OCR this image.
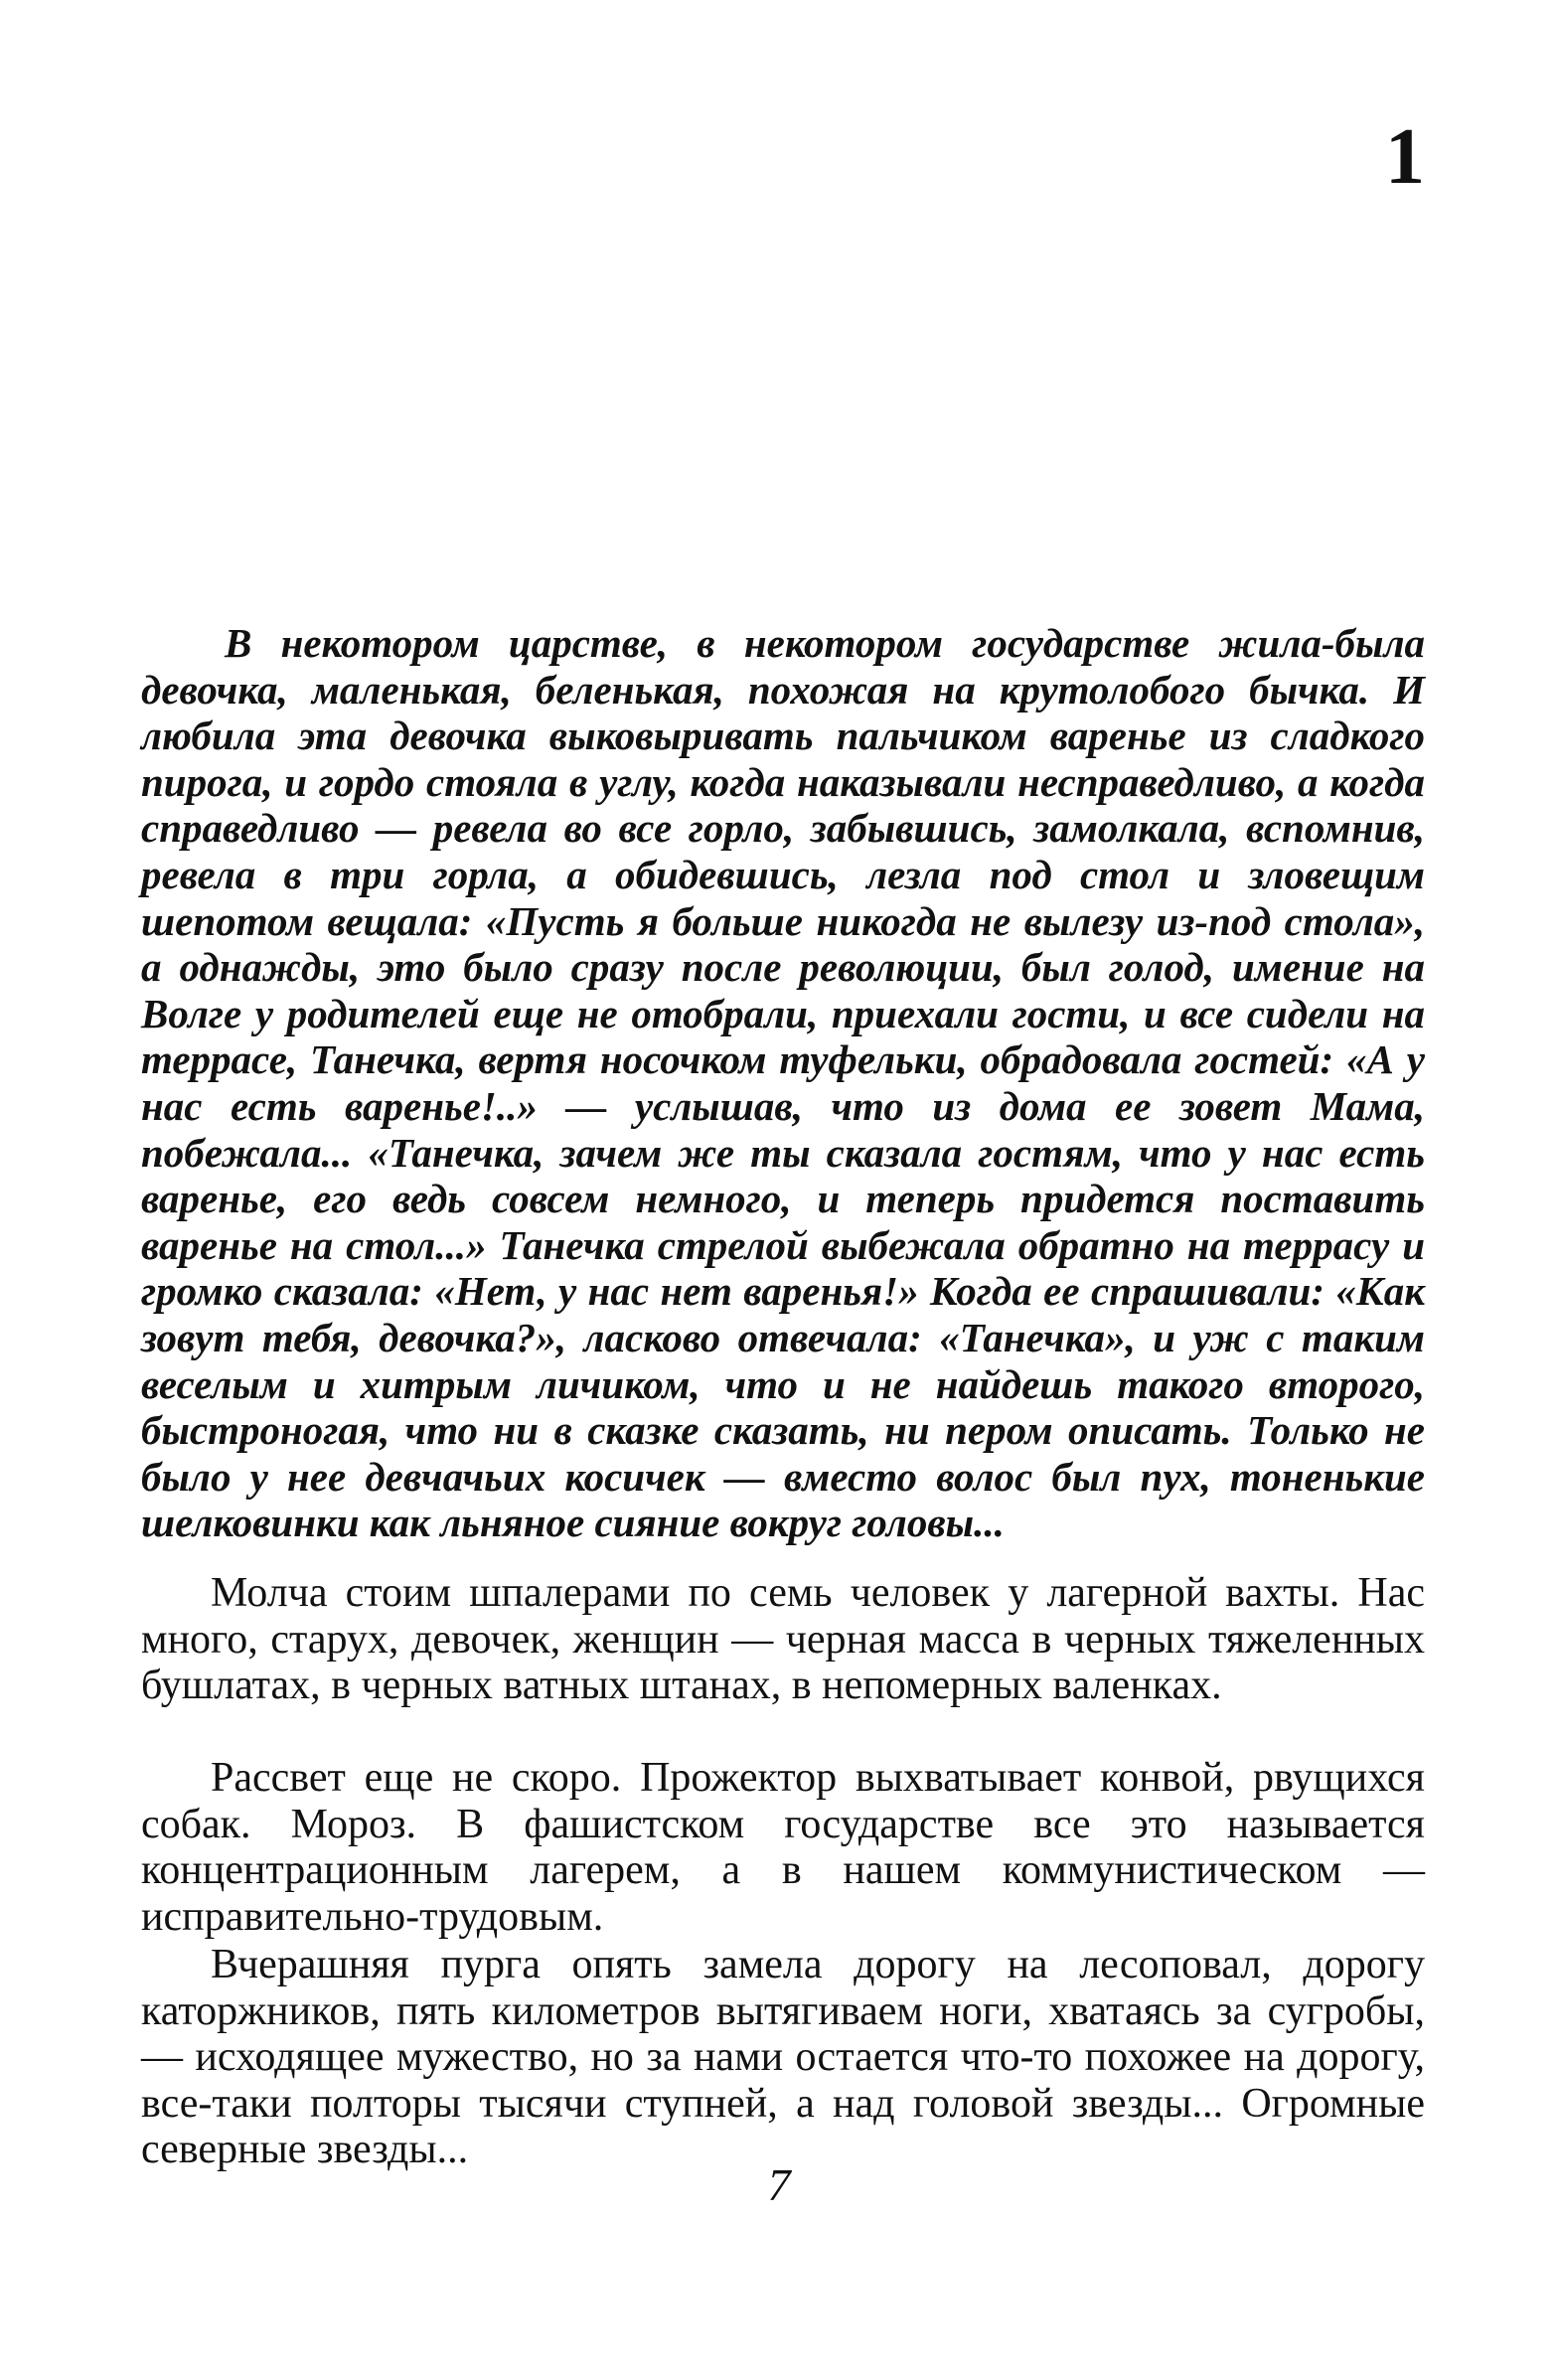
1

В некотором царстве, в некотором государстве жила-была девочка, маленькая, беленькая, похожая на крутолобого бычка. И любила эта девочка выковыривать пальчиком варенье из сладкого пирога, и гордо стояла в углу, когда наказывали несправедливо, а когда справедливо — ревела во все горло, забывшись, замолкала, вспомнив, ревела в три горла, а обидевшись, лезла под стол и зловещим шепотом вещала: «Пусть я больше никогда не вылезу из-под стола», а однажды, это было сразу после революции, был голод, имение на Волге у родителей еще не отобрали, приехали гости, и все сидели на террасе, Танечка, вертя носочком туфельки, обрадовала гостей: «А у нас есть варенье!..» — услышав, что из дома ее зовет Мама, побежала... «Танечка, зачем же ты сказала гостям, что у нас есть варенье, его ведь совсем немного, и теперь придется поставить варенье на стол...» Танечка стрелой выбежала обратно на террасу и громко сказала: «Нет, у нас нет варенья!» Когда ее спрашивали: «Как зовут тебя, девочка?», ласково отвечала: «Танечка», и уж с таким веселым и хитрым личиком, что и не найдешь такого второго, быстроногая, что ни в сказке сказать, ни пером описать. Только не было у нее девчачьих косичек — вместо волос был пух, тоненькие шелковинки как льняное сияние вокруг головы...

Молча стоим шпалерами по семь человек у лагерной вахты. Нас много, старух, девочек, женщин — черная масса в черных тяжеленных бушлатах, в черных ватных штанах, в непомерных валенках.

Рассвет еще не скоро. Прожектор выхватывает конвой, рвущихся собак. Мороз. В фашистском государстве все это называется концентрационным лагерем, а в нашем коммунистическом — исправительно-трудовым.

Вчерашняя пурга опять замела дорогу на лесоповал, дорогу каторжников, пять километров вытягиваем ноги, хватаясь за сугробы, — исходящее мужество, но за нами остается что-то похожее на дорогу, все-таки полторы тысячи ступней, а над головой звезды... Огромные северные звезды...

7
